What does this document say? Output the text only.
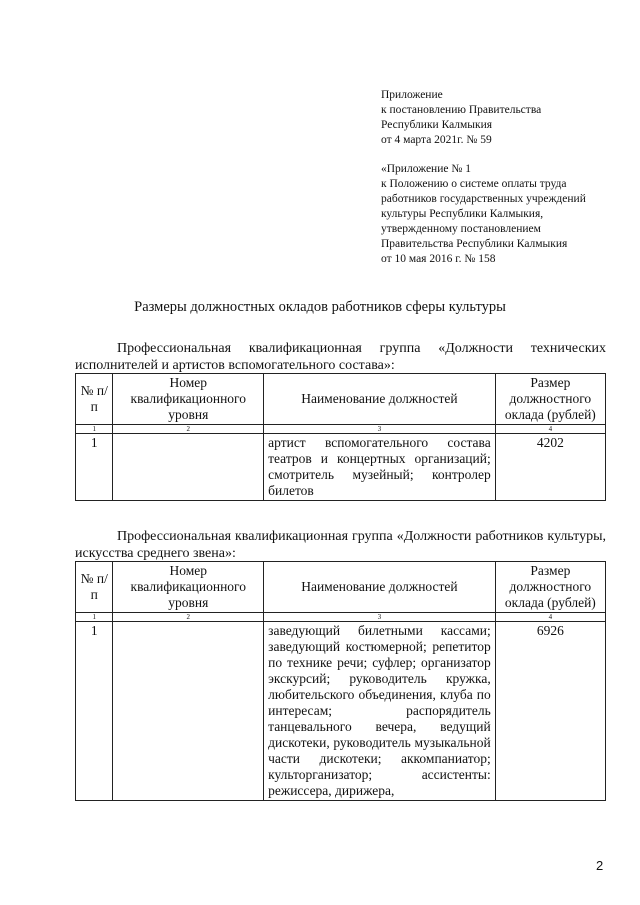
Приложение
к постановлению Правительства
Республики Калмыкия
от 4 марта 2021г. № 59
«Приложение № 1
к Положению о системе оплаты труда
работников государственных учреждений
культуры Республики Калмыкия,
утвержденному постановлением
Правительства Республики Калмыкия
от 10 мая 2016 г. № 158
Размеры должностных окладов работников сферы культуры
Профессиональная квалификационная группа «Должности технических исполнителей и артистов вспомогательного состава»:
№ п/п	Номер квалификационного уровня	Наименование должностей	Размер должностного оклада (рублей)
1	2	3	4
1		артист вспомогательного состава театров и концертных организаций; смотритель музейный; контролер билетов	4202
Профессиональная квалификационная группа «Должности работников культуры, искусства среднего звена»:
№ п/п	Номер квалификационного уровня	Наименование должностей	Размер должностного оклада (рублей)
1	2	3	4
1		заведующий билетными кассами; заведующий костюмерной; репетитор по технике речи; суфлер; организатор экскурсий; руководитель кружка, любительского объединения, клуба по интересам; распорядитель танцевального вечера, ведущий дискотеки, руководитель музыкальной части дискотеки; аккомпаниатор; культорганизатор; ассистенты: режиссера, дирижера,	6926
2
